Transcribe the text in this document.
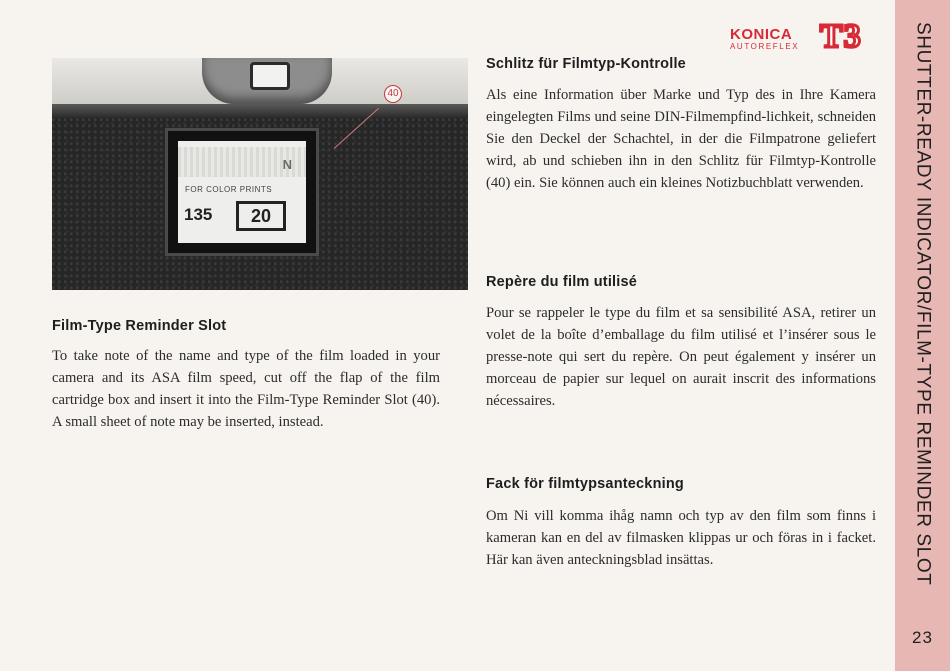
KONICA
AUTOREFLEX T3
N
FOR COLOR PRINTS
135	20
40
Film-Type Reminder Slot

To take note of the name and type of the film loaded in your camera and its ASA film speed, cut off the flap of the film cartridge box and insert it into the Film-Type Reminder Slot (40). A small sheet of note may be inserted, instead.

Schlitz für Filmtyp-Kontrolle

Als eine Information über Marke und Typ des in Ihre Kamera eingelegten Films und seine DIN-Filmempfind-lichkeit, schneiden Sie den Deckel der Schachtel, in der die Filmpatrone geliefert wird, ab und schieben ihn in den Schlitz für Filmtyp-Kontrolle (40) ein. Sie können auch ein kleines Notizbuchblatt verwenden.

Repère du film utilisé

Pour se rappeler le type du film et sa sensibilité ASA, retirer un volet de la boîte d’emballage du film utilisé et l’insérer sous le presse-note qui sert du repère. On peut également y insérer un morceau de papier sur lequel on aurait inscrit des informations nécessaires.

Fack för filmtypsanteckning

Om Ni vill komma ihåg namn och typ av den film som finns i kameran kan en del av filmasken klippas ur och föras in i facket. Här kan även anteckningsblad insättas.	SHUTTER-READY INDICATOR/FILM-TYPE REMINDER SLOT
23
